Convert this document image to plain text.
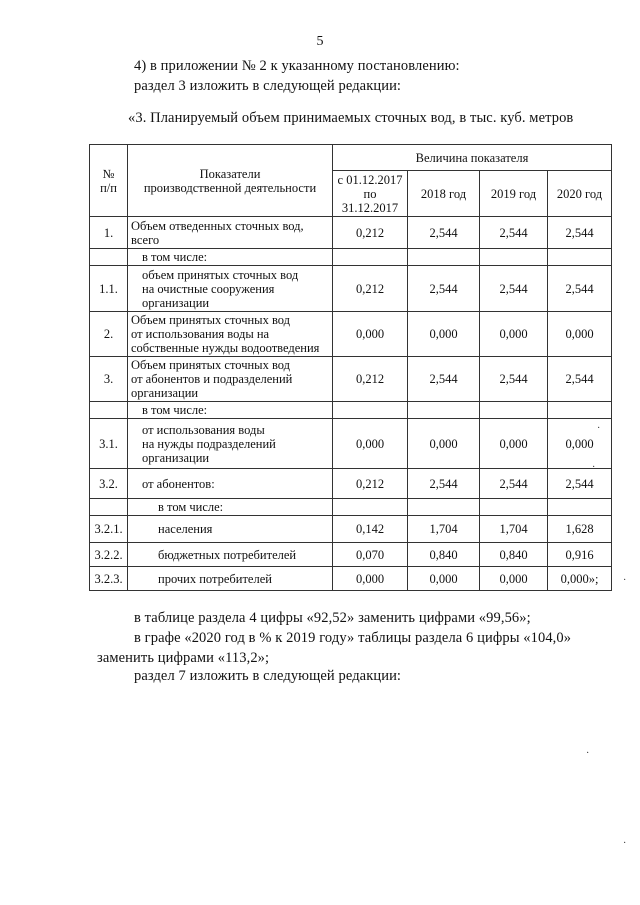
5
4) в приложении № 2 к указанному постановлению:
раздел 3 изложить в следующей редакции:
«3. Планируемый объем принимаемых сточных вод, в тыс. куб. метров
№
п/п	Показатели
производственной деятельности	Величина показателя			
		с 01.12.2017
по
31.12.2017	2018 год	2019 год	2020 год
1.	Объем отведенных сточных вод,
всего	0,212	2,544	2,544	2,544
	в том числе:				
1.1.	объем принятых сточных вод
на очистные сооружения
организации	0,212	2,544	2,544	2,544
2.	Объем принятых сточных вод
от использования воды на
собственные нужды водоотведения	0,000	0,000	0,000	0,000
3.	Объем принятых сточных вод
от абонентов и подразделений
организации	0,212	2,544	2,544	2,544
	в том числе:				
3.1.	от использования воды
на нужды подразделений
организации	0,000	0,000	0,000	0,000
3.2.	от абонентов:	0,212	2,544	2,544	2,544
	в том числе:				
3.2.1.	населения	0,142	1,704	1,704	1,628
3.2.2.	бюджетных потребителей	0,070	0,840	0,840	0,916
3.2.3.	прочих потребителей	0,000	0,000	0,000	0,000»;
в таблице раздела 4 цифры «92,52» заменить цифрами «99,56»;
в графе «2020 год в % к 2019 году» таблицы раздела 6 цифры «104,0»
заменить цифрами «113,2»;
раздел 7 изложить в следующей редакции:
·
·
·
·
·
